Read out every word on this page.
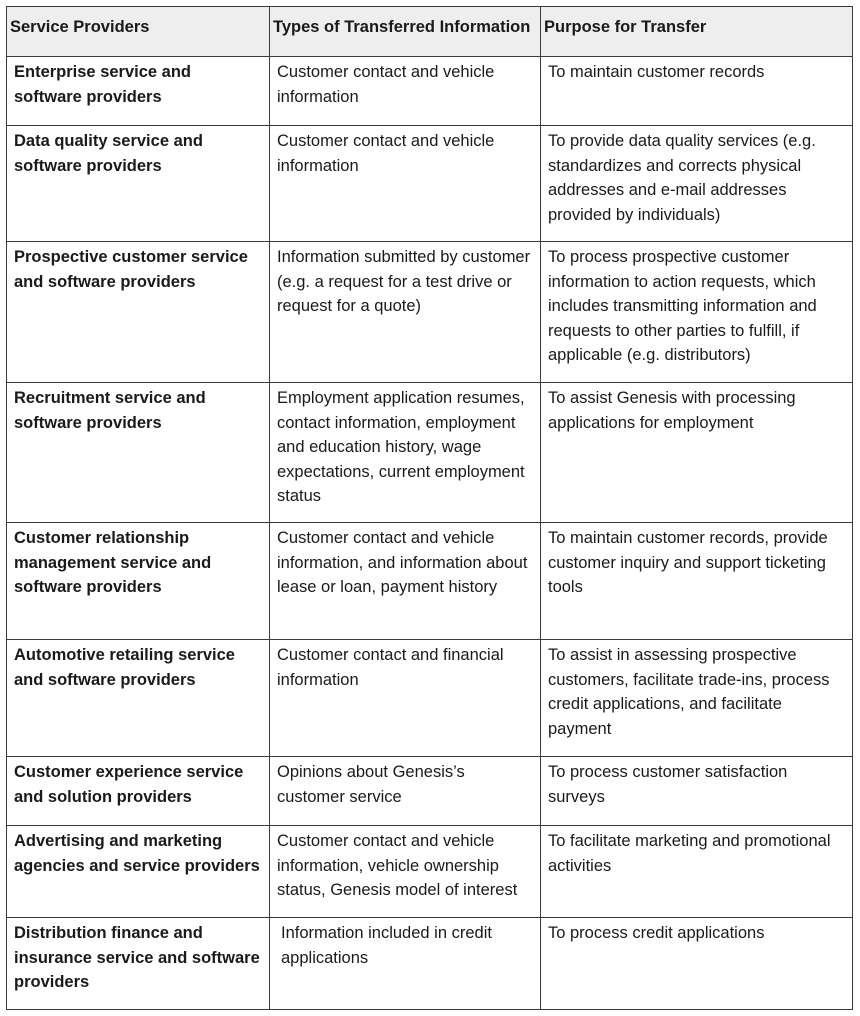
Service Providers	Types of Transferred Information	Purpose for Transfer
Enterprise service and software providers	Customer contact and vehicle information	To maintain customer records
Data quality service and software providers	Customer contact and vehicle information	To provide data quality services (e.g. standardizes and corrects physical addresses and e-mail addresses provided by individuals)
Prospective customer service and software providers	Information submitted by customer (e.g. a request for a test drive or request for a quote)	To process prospective customer information to action requests, which includes transmitting information and requests to other parties to fulfill, if applicable (e.g. distributors)
Recruitment service and software providers	Employment application resumes, contact information, employment and education history, wage expectations, current employment status	To assist Genesis with processing applications for employment
Customer relationship management service and software providers	Customer contact and vehicle information, and information about lease or loan, payment history	To maintain customer records, provide customer inquiry and support ticketing tools
Automotive retailing service and software providers	Customer contact and financial information	To assist in assessing prospective customers, facilitate trade-ins, process credit applications, and facilitate payment
Customer experience service and solution providers	Opinions about Genesis’s customer service	To process customer satisfaction surveys
Advertising and marketing agencies and service providers	Customer contact and vehicle information, vehicle ownership status, Genesis model of interest	To facilitate marketing and promotional activities
Distribution finance and insurance service and software providers	Information included in credit applications	To process credit applications
